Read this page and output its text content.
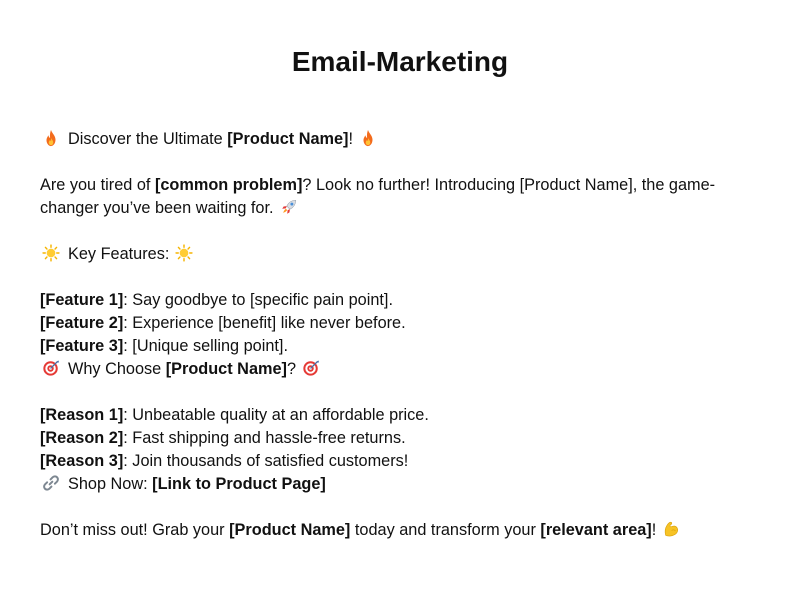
Email-Marketing
Discover the Ultimate [Product Name]!
Are you tired of [common problem]? Look no further! Introducing [Product Name], the game-changer you’ve been waiting for.
Key Features:
[Feature 1]: Say goodbye to [specific pain point].
[Feature 2]: Experience [benefit] like never before.
[Feature 3]: [Unique selling point].
Why Choose [Product Name]?
[Reason 1]: Unbeatable quality at an affordable price.
[Reason 2]: Fast shipping and hassle-free returns.
[Reason 3]: Join thousands of satisfied customers!
Shop Now: [Link to Product Page]
Don’t miss out! Grab your [Product Name] today and transform your [relevant area]!
